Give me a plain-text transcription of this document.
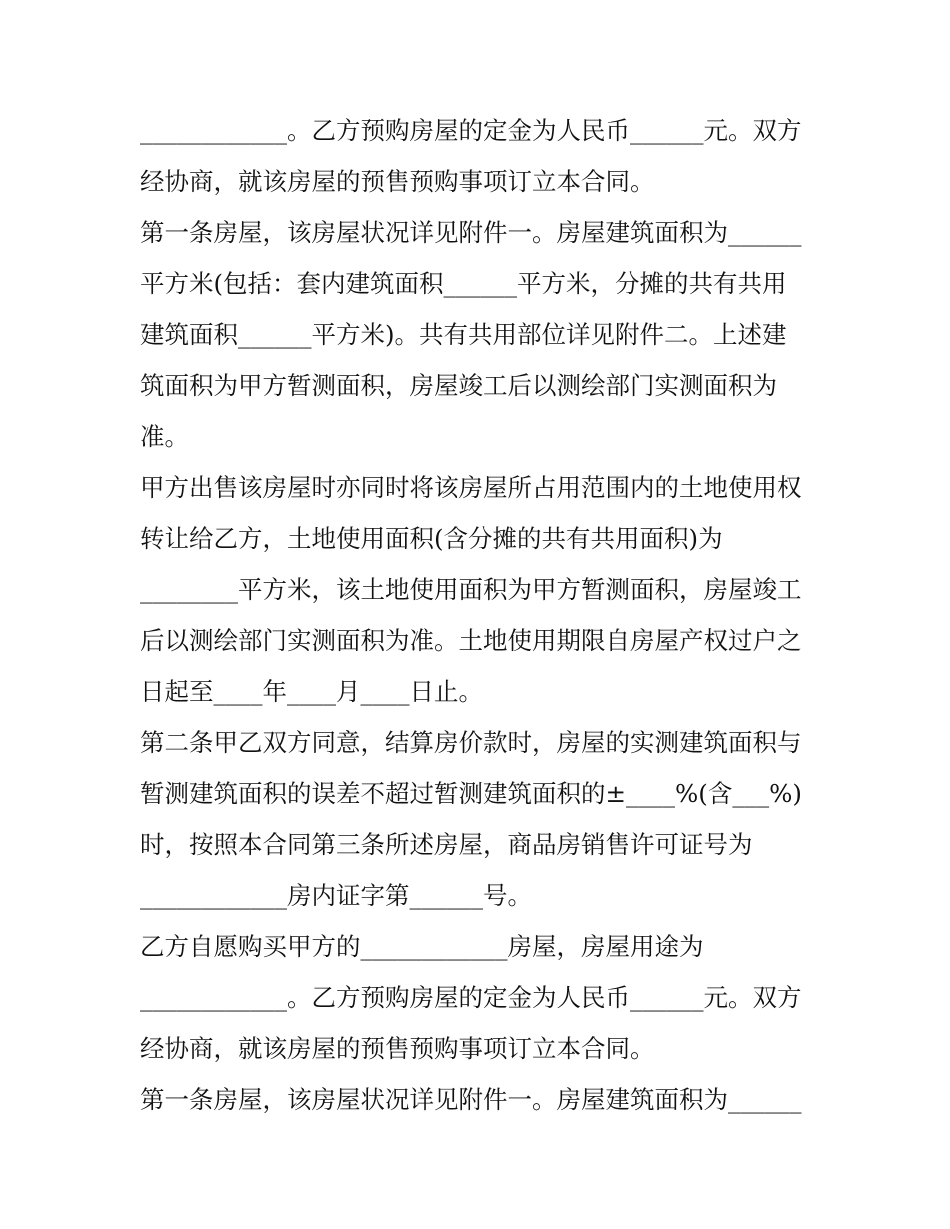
____________。乙方预购房屋的定金为人民币______元。双方
经协商，就该房屋的预售预购事项订立本合同。
第一条房屋，该房屋状况详见附件一。房屋建筑面积为______
平方米(包括：套内建筑面积______平方米，分摊的共有共用
建筑面积______平方米)。共有共用部位详见附件二。上述建
筑面积为甲方暂测面积，房屋竣工后以测绘部门实测面积为
准。
甲方出售该房屋时亦同时将该房屋所占用范围内的土地使用权
转让给乙方，土地使用面积(含分摊的共有共用面积)为
________平方米，该土地使用面积为甲方暂测面积，房屋竣工
后以测绘部门实测面积为准。土地使用期限自房屋产权过户之
日起至____年____月____日止。
第二条甲乙双方同意，结算房价款时，房屋的实测建筑面积与
暂测建筑面积的误差不超过暂测建筑面积的±____%(含___%)
时，按照本合同第三条所述房屋，商品房销售许可证号为
____________房内证字第______号。
乙方自愿购买甲方的____________房屋，房屋用途为
____________。乙方预购房屋的定金为人民币______元。双方
经协商，就该房屋的预售预购事项订立本合同。
第一条房屋，该房屋状况详见附件一。房屋建筑面积为______
